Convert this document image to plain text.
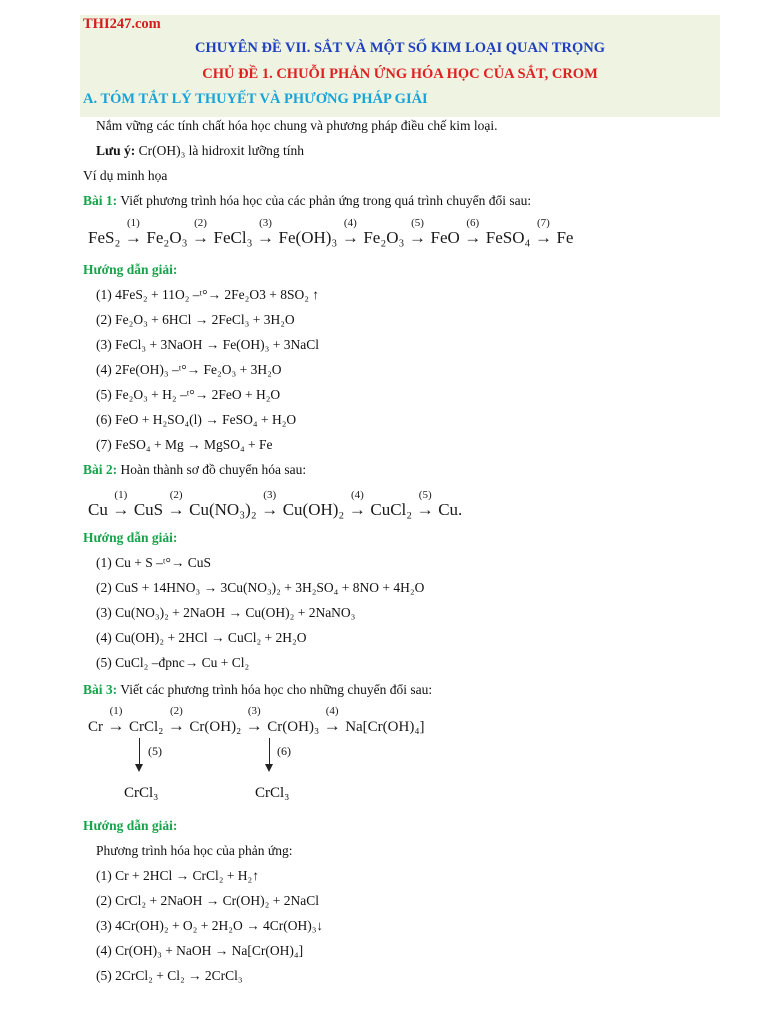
THI247.com
CHUYÊN ĐỀ VII. SẮT VÀ MỘT SỐ KIM LOẠI QUAN TRỌNG
CHỦ ĐỀ 1. CHUỖI PHẢN ỨNG HÓA HỌC CỦA SẮT, CROM
A. TÓM TẮT LÝ THUYẾT VÀ PHƯƠNG PHÁP GIẢI
Nắm vững các tính chất hóa học chung và phương pháp điều chế kim loại.
Lưu ý: Cr(OH)₃ là hidroxit lưỡng tính
Ví dụ minh họa
Bài 1: Viết phương trình hóa học của các phản ứng trong quá trình chuyển đổi sau:
FeS₂
(1)
→ Fe₂O₃
(2)
→ FeCl₃
(3)
→ Fe(OH)₃
(4)
→ Fe₂O₃
(5)
→ FeO
(6)
→ FeSO₄
(7)
→ Fe
Hướng dẫn giải:
(1) 4FeS₂ + 11O₂ –ᵗ°→ 2Fe₂O3 + 8SO₂ ↑
(2) Fe₂O₃ + 6HCl → 2FeCl₃ + 3H₂O
(3) FeCl₃ + 3NaOH → Fe(OH)₃ + 3NaCl
(4) 2Fe(OH)₃ –ᵗ°→ Fe₂O₃ + 3H₂O
(5) Fe₂O₃ + H₂ –ᵗ°→ 2FeO + H₂O
(6) FeO + H₂SO₄(l) → FeSO₄ + H₂O
(7) FeSO₄ + Mg → MgSO₄ + Fe
Bài 2: Hoàn thành sơ đồ chuyển hóa sau:
Cu
(1)
→ CuS
(2)
→ Cu(NO₃)₂
(3)
→ Cu(OH)₂
(4)
→ CuCl₂
(5)
→ Cu.
Hướng dẫn giải:
(1) Cu + S –ᵗ°→ CuS
(2) CuS + 14HNO₃ → 3Cu(NO₃)₂ + 3H₂SO₄ + 8NO + 4H₂O
(3) Cu(NO₃)₂ + 2NaOH → Cu(OH)₂ + 2NaNO₃
(4) Cu(OH)₂ + 2HCl → CuCl₂ + 2H₂O
(5) CuCl₂ –đpnc→ Cu + Cl₂
Bài 3: Viết các phương trình hóa học cho những chuyển đổi sau:
Cr
(1)
→ CrCl₂
(2)
→ Cr(OH)₂
(3)
→ Cr(OH)₃
(4)
→ Na[Cr(OH)₄]
(5)
CrCl₃
(6)
CrCl₃
Hướng dẫn giải:
Phương trình hóa học của phản ứng:
(1) Cr + 2HCl → CrCl₂ + H₂↑
(2) CrCl₂ + 2NaOH → Cr(OH)₂ + 2NaCl
(3) 4Cr(OH)₂ + O₂ + 2H₂O → 4Cr(OH)₃↓
(4) Cr(OH)₃ + NaOH → Na[Cr(OH)₄]
(5) 2CrCl₂ + Cl₂ → 2CrCl₃
